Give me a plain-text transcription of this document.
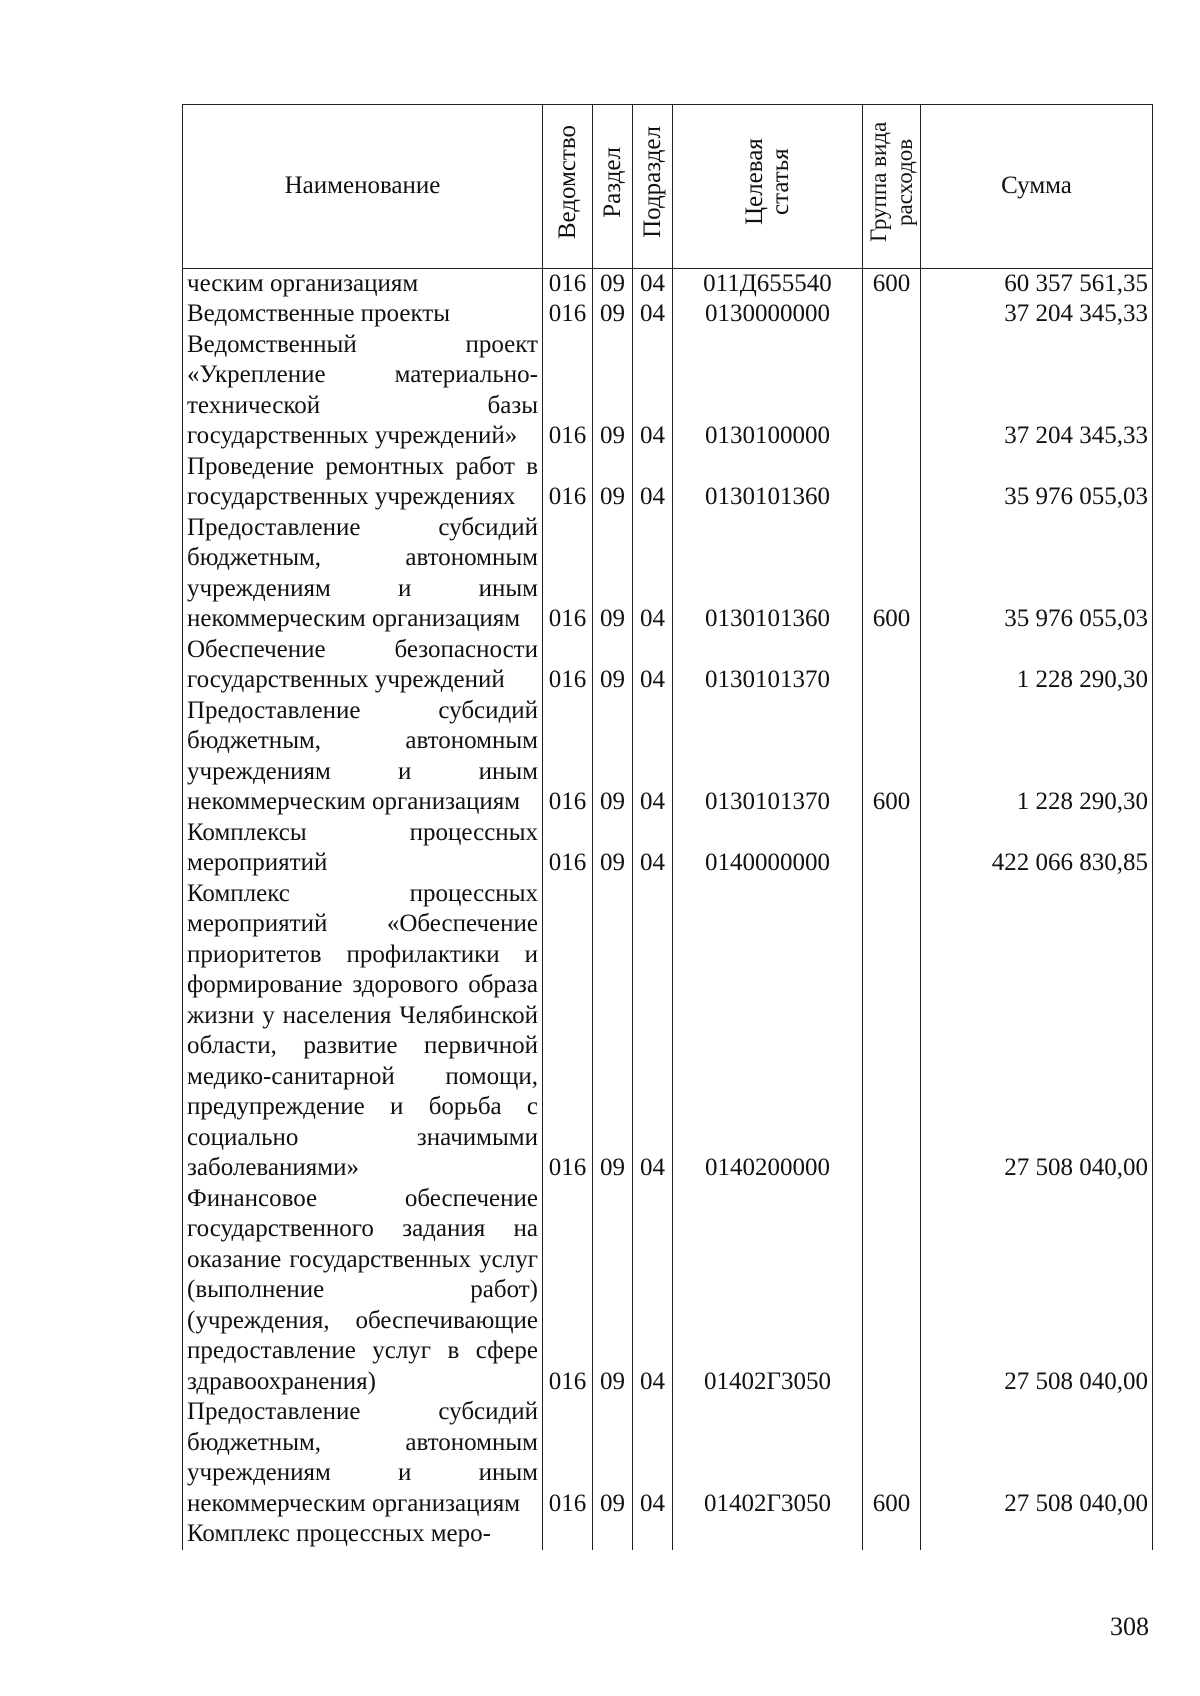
Наименование	Ведомство	Раздел	Подраздел	Целевая статья	Группа вида расходов	Сумма
ческим организациям	016	09	04	011Д655540	600	60 357 561,35
Ведомственные проекты	016	09	04	0130000000		37 204 345,33
Ведомственный проект «Укрепление материально-технической базы государственных учреждений»	016	09	04	0130100000		37 204 345,33
Проведение ремонтных работ в государственных учреждениях	016	09	04	0130101360		35 976 055,03
Предоставление субсидий бюджетным, автономным учреждениям и иным некоммерческим организациям	016	09	04	0130101360	600	35 976 055,03
Обеспечение безопасности государственных учреждений	016	09	04	0130101370		1 228 290,30
Предоставление субсидий бюджетным, автономным учреждениям и иным некоммерческим организациям	016	09	04	0130101370	600	1 228 290,30
Комплексы процессных мероприятий	016	09	04	0140000000		422 066 830,85
Комплекс процессных мероприятий «Обеспечение приоритетов профилактики и формирование здорового образа жизни у населения Челябинской области, развитие первичной медико-санитарной помощи, предупреждение и борьба с социально значимыми заболеваниями»	016	09	04	0140200000		27 508 040,00
Финансовое обеспечение государственного задания на оказание государственных услуг (выполнение работ) (учреждения, обеспечивающие предоставление услуг в сфере здравоохранения)	016	09	04	01402Г3050		27 508 040,00
Предоставление субсидий бюджетным, автономным учреждениям и иным некоммерческим организациям	016	09	04	01402Г3050	600	27 508 040,00
Комплекс процессных меро-						
308
